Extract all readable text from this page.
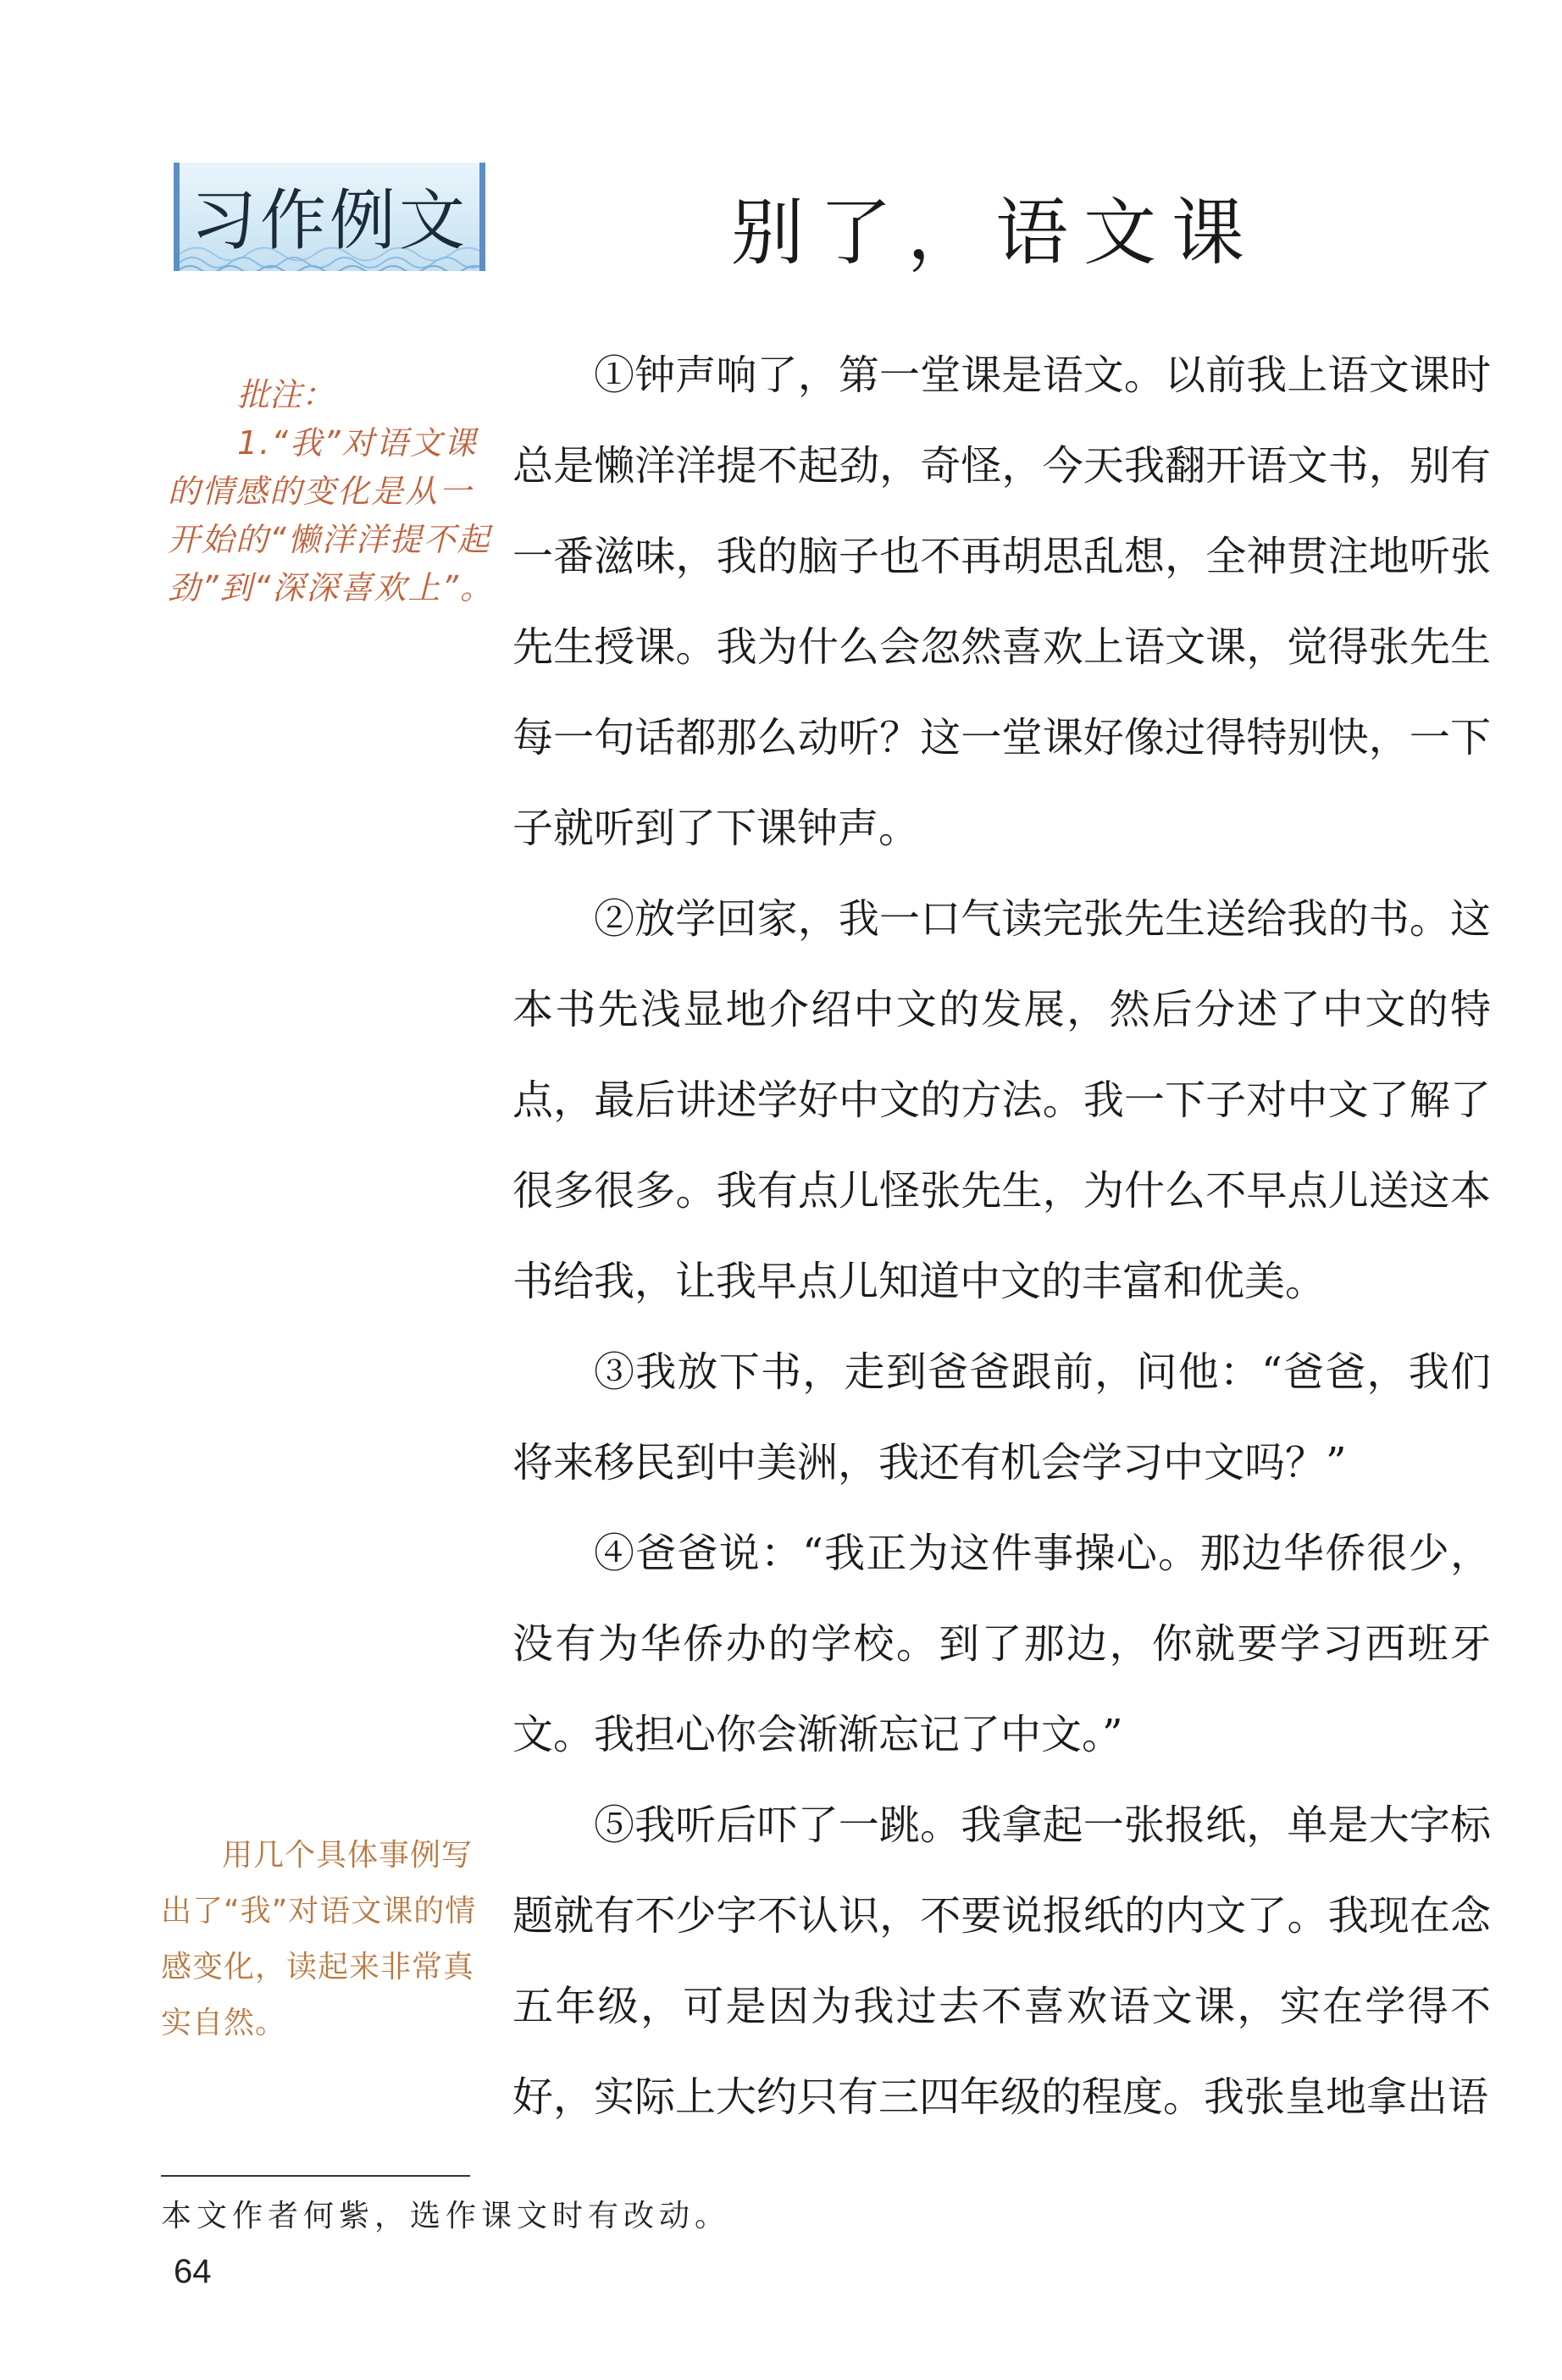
习作例文	别了，语文课
批注：
1.“我”对语文课的情感的变化是从一开始的“懒洋洋提不起劲”到“深深喜欢上”。
用几个具体事例写出了“我”对语文课的情感变化，读起来非常真实自然。

①钟声响了，第一堂课是语文。以前我上语文课时总是懒洋洋提不起劲，奇怪，今天我翻开语文书，别有一番滋味，我的脑子也不再胡思乱想，全神贯注地听张先生授课。我为什么会忽然喜欢上语文课，觉得张先生每一句话都那么动听？这一堂课好像过得特别快，一下子就听到了下课钟声。

②放学回家，我一口气读完张先生送给我的书。这本书先浅显地介绍中文的发展，然后分述了中文的特点，最后讲述学好中文的方法。我一下子对中文了解了很多很多。我有点儿怪张先生，为什么不早点儿送这本书给我，让我早点儿知道中文的丰富和优美。

③我放下书，走到爸爸跟前，问他：“爸爸，我们将来移民到中美洲，我还有机会学习中文吗？”

④爸爸说：“我正为这件事操心。那边华侨很少，没有为华侨办的学校。到了那边，你就要学习西班牙文。我担心你会渐渐忘记了中文。”

⑤我听后吓了一跳。我拿起一张报纸，单是大字标题就有不少字不认识，不要说报纸的内文了。我现在念五年级，可是因为我过去不喜欢语文课，实在学得不好，实际上大约只有三四年级的程度。我张皇地拿出语

本文作者何紫，选作课文时有改动。
64
